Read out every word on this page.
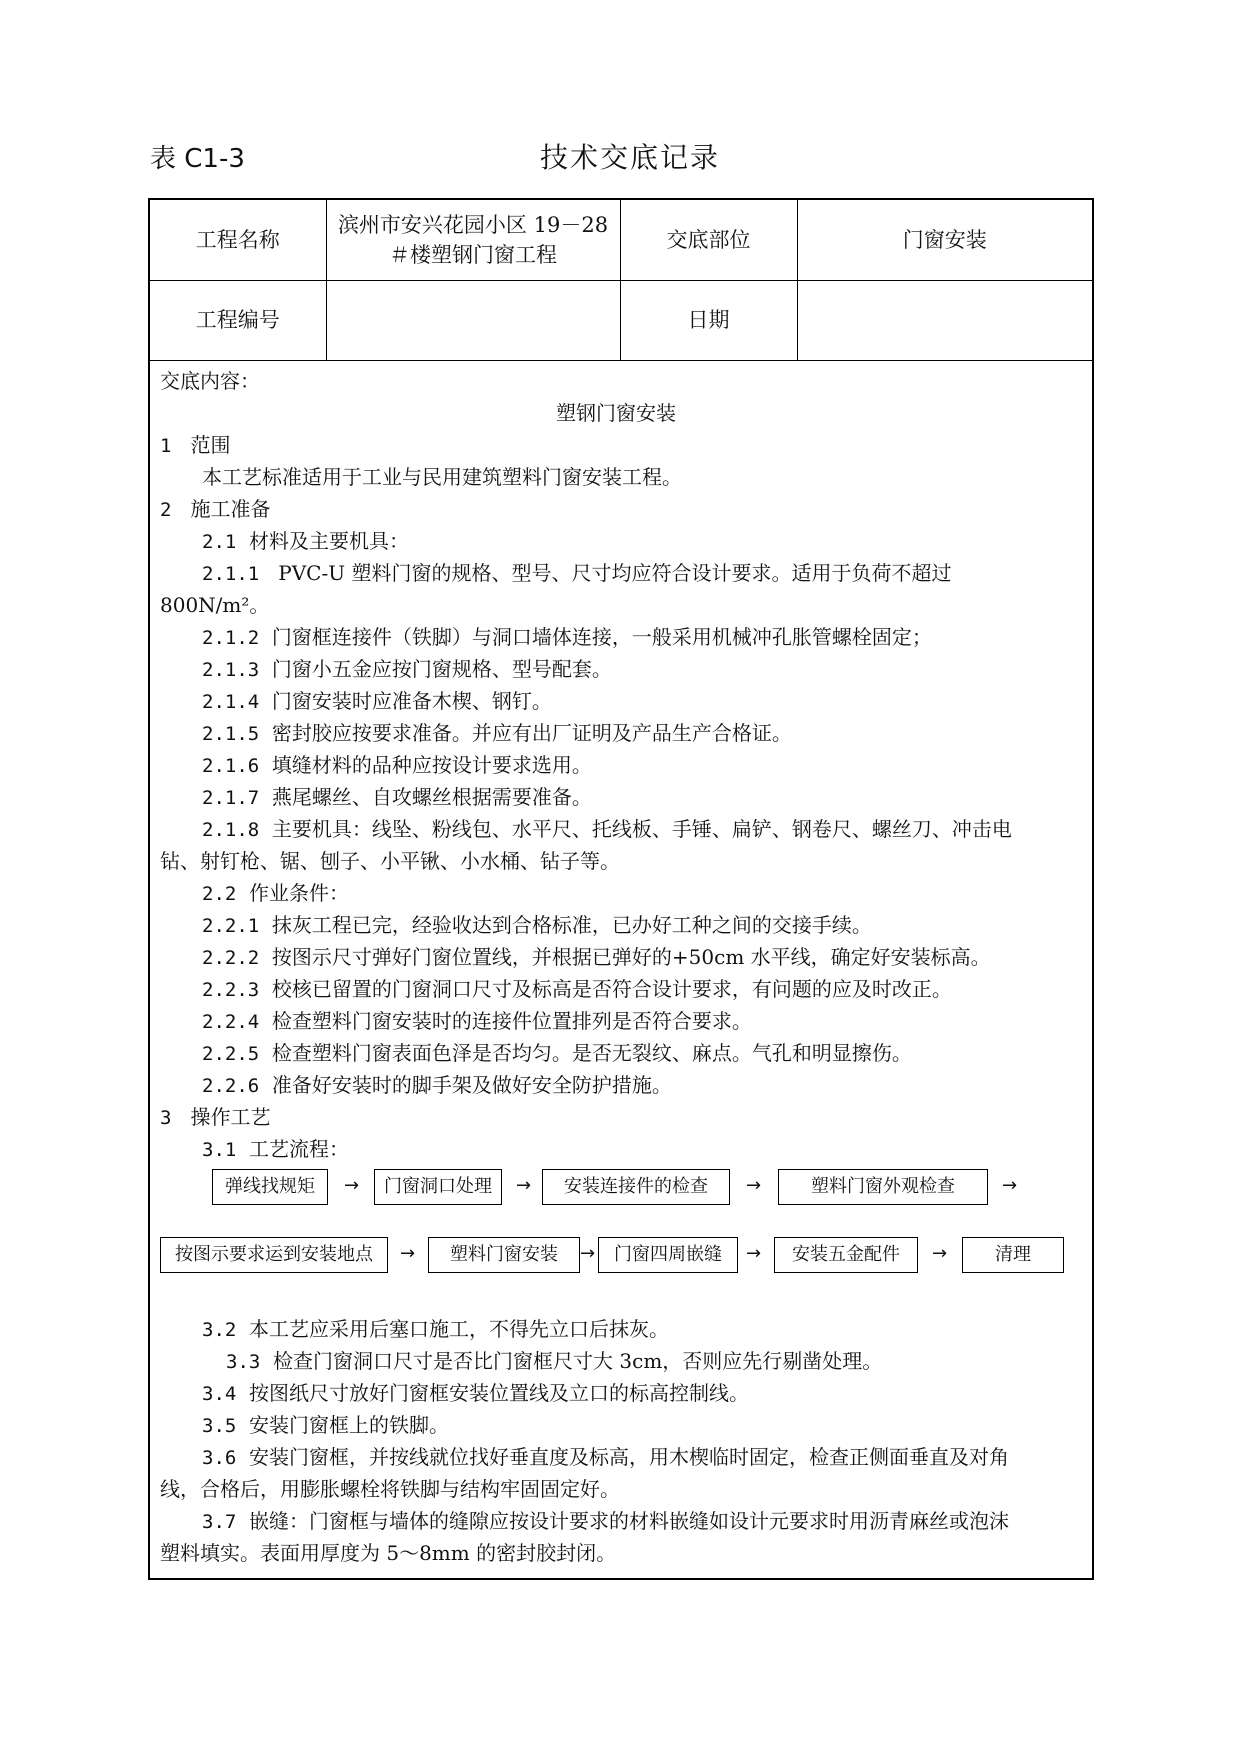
表 C1-3	技术交底记录
工程名称	滨州市安兴花园小区 19－28
＃楼塑钢门窗工程	交底部位	门窗安装
工程编号		日期	
交底内容：
塑钢门窗安装
1 范围
本工艺标准适用于工业与民用建筑塑料门窗安装工程。
2 施工准备
2.1 材料及主要机具：
2.1.1 PVC-U 塑料门窗的规格、型号、尺寸均应符合设计要求。适用于负荷不超过
800N/m²。
2.1.2 门窗框连接件（铁脚）与洞口墙体连接，一般采用机械冲孔胀管螺栓固定；
2.1.3 门窗小五金应按门窗规格、型号配套。
2.1.4 门窗安装时应准备木楔、钢钉。
2.1.5 密封胶应按要求准备。并应有出厂证明及产品生产合格证。
2.1.6 填缝材料的品种应按设计要求选用。
2.1.7 燕尾螺丝、自攻螺丝根据需要准备。
2.1.8 主要机具：线坠、粉线包、水平尺、托线板、手锤、扁铲、钢卷尺、螺丝刀、冲击电
钻、射钉枪、锯、刨子、小平锹、小水桶、钻子等。
2.2 作业条件：
2.2.1 抹灰工程已完，经验收达到合格标准，已办好工种之间的交接手续。
2.2.2 按图示尺寸弹好门窗位置线，并根据已弹好的+50cm 水平线，确定好安装标高。
2.2.3 校核已留置的门窗洞口尺寸及标高是否符合设计要求，有问题的应及时改正。
2.2.4 检查塑料门窗安装时的连接件位置排列是否符合要求。
2.2.5 检查塑料门窗表面色泽是否均匀。是否无裂纹、麻点。气孔和明显擦伤。
2.2.6 准备好安装时的脚手架及做好安全防护措施。
3 操作工艺
3.1 工艺流程：
弹线找规矩	→	门窗洞口处理	→	安装连接件的检查	→	塑料门窗外观检查	→
按图示要求运到安装地点	→	塑料门窗安装	→	门窗四周嵌缝	→	安装五金配件	→	清理
3.2 本工艺应采用后塞口施工，不得先立口后抹灰。
3.3 检查门窗洞口尺寸是否比门窗框尺寸大 3cm，否则应先行剔凿处理。
3.4 按图纸尺寸放好门窗框安装位置线及立口的标高控制线。
3.5 安装门窗框上的铁脚。
3.6 安装门窗框，并按线就位找好垂直度及标高，用木楔临时固定，检查正侧面垂直及对角
线，合格后，用膨胀螺栓将铁脚与结构牢固固定好。
3.7 嵌缝：门窗框与墙体的缝隙应按设计要求的材料嵌缝如设计元要求时用沥青麻丝或泡沫
塑料填实。表面用厚度为 5～8mm 的密封胶封闭。
